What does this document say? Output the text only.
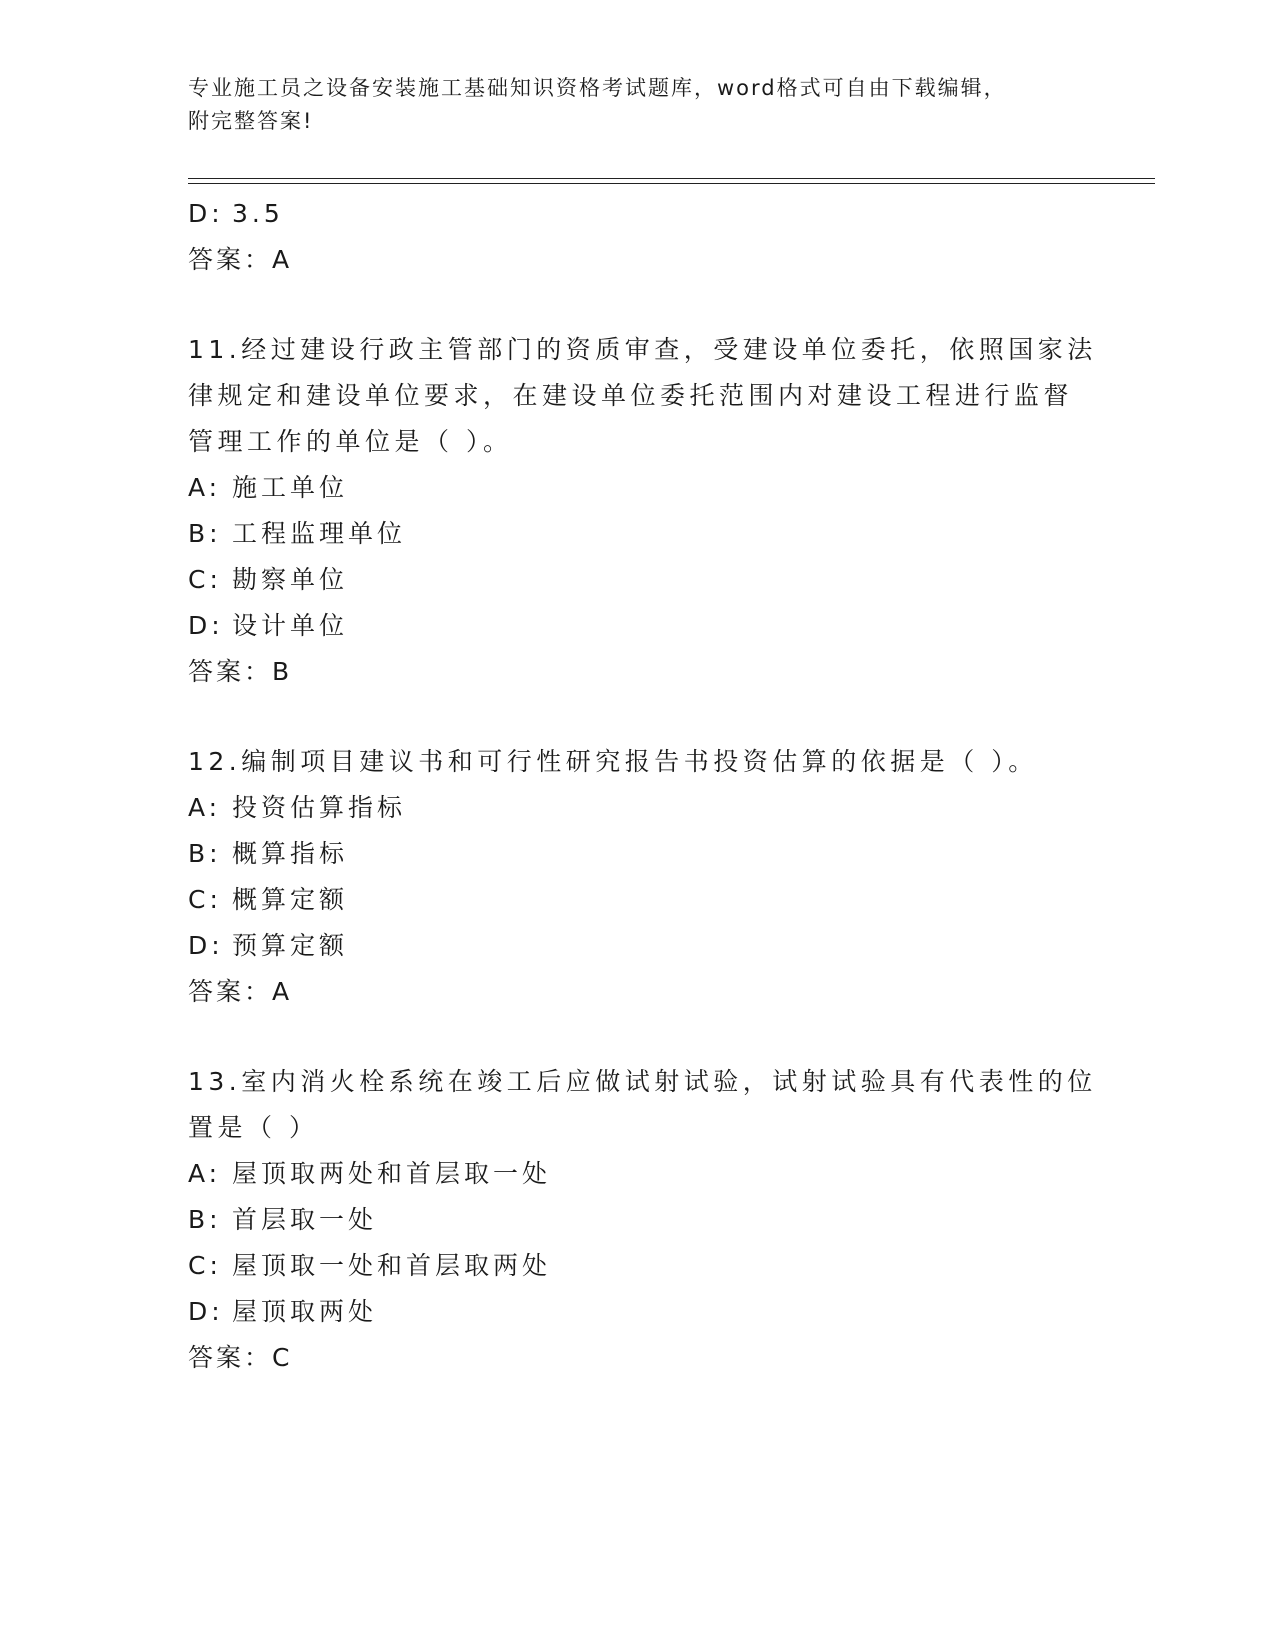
专业施工员之设备安装施工基础知识资格考试题库，word格式可自由下载编辑，

附完整答案!

D: 3.5
答案：A
11.经过建设行政主管部门的资质审查，受建设单位委托，依照国家法
律规定和建设单位要求，在建设单位委托范围内对建设工程进行监督
管理工作的单位是（ ）。
A: 施工单位
B: 工程监理单位
C: 勘察单位
D: 设计单位
答案：B
12.编制项目建议书和可行性研究报告书投资估算的依据是（ ）。
A: 投资估算指标
B: 概算指标
C: 概算定额
D: 预算定额
答案：A
13.室内消火栓系统在竣工后应做试射试验，试射试验具有代表性的位
置是（ ）
A: 屋顶取两处和首层取一处
B: 首层取一处
C: 屋顶取一处和首层取两处
D: 屋顶取两处
答案：C
